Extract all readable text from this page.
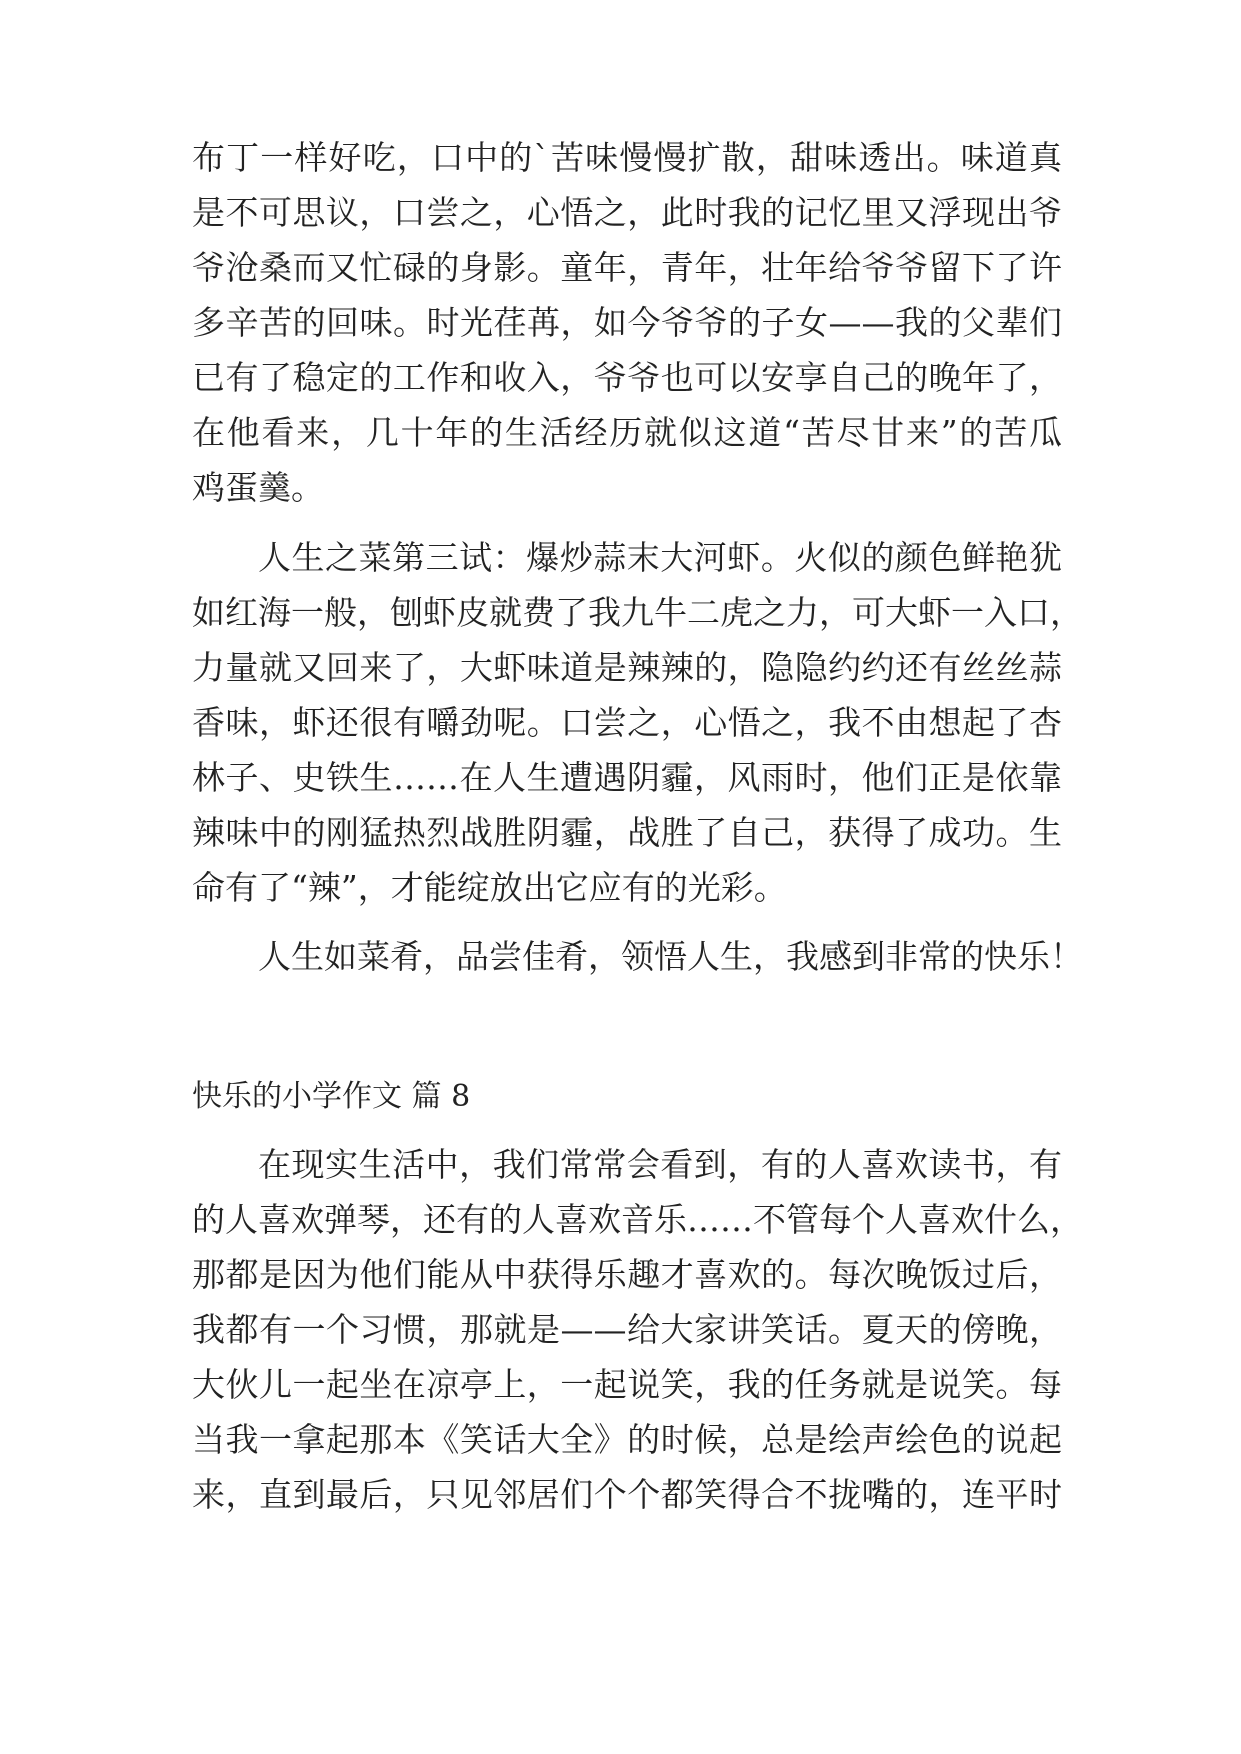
布丁一样好吃，口中的`苦味慢慢扩散，甜味透出。味道真
是不可思议，口尝之，心悟之，此时我的记忆里又浮现出爷
爷沧桑而又忙碌的身影。童年，青年，壮年给爷爷留下了许
多辛苦的回味。时光荏苒，如今爷爷的子女——我的父辈们
已有了稳定的工作和收入，爷爷也可以安享自己的晚年了，
在他看来，几十年的生活经历就似这道“苦尽甘来”的苦瓜
鸡蛋羹。
人生之菜第三试：爆炒蒜末大河虾。火似的颜色鲜艳犹
如红海一般，刨虾皮就费了我九牛二虎之力，可大虾一入口，
力量就又回来了，大虾味道是辣辣的，隐隐约约还有丝丝蒜
香味，虾还很有嚼劲呢。口尝之，心悟之，我不由想起了杏
林子、史铁生……在人生遭遇阴霾，风雨时，他们正是依靠
辣味中的刚猛热烈战胜阴霾，战胜了自己，获得了成功。生
命有了“辣”，才能绽放出它应有的光彩。
人生如菜肴，品尝佳肴，领悟人生，我感到非常的快乐！
快乐的小学作文 篇 8
在现实生活中，我们常常会看到，有的人喜欢读书，有
的人喜欢弹琴，还有的人喜欢音乐……不管每个人喜欢什么，
那都是因为他们能从中获得乐趣才喜欢的。每次晚饭过后，
我都有一个习惯，那就是——给大家讲笑话。夏天的傍晚，
大伙儿一起坐在凉亭上，一起说笑，我的任务就是说笑。每
当我一拿起那本《笑话大全》的时候，总是绘声绘色的说起
来，直到最后，只见邻居们个个都笑得合不拢嘴的，连平时
